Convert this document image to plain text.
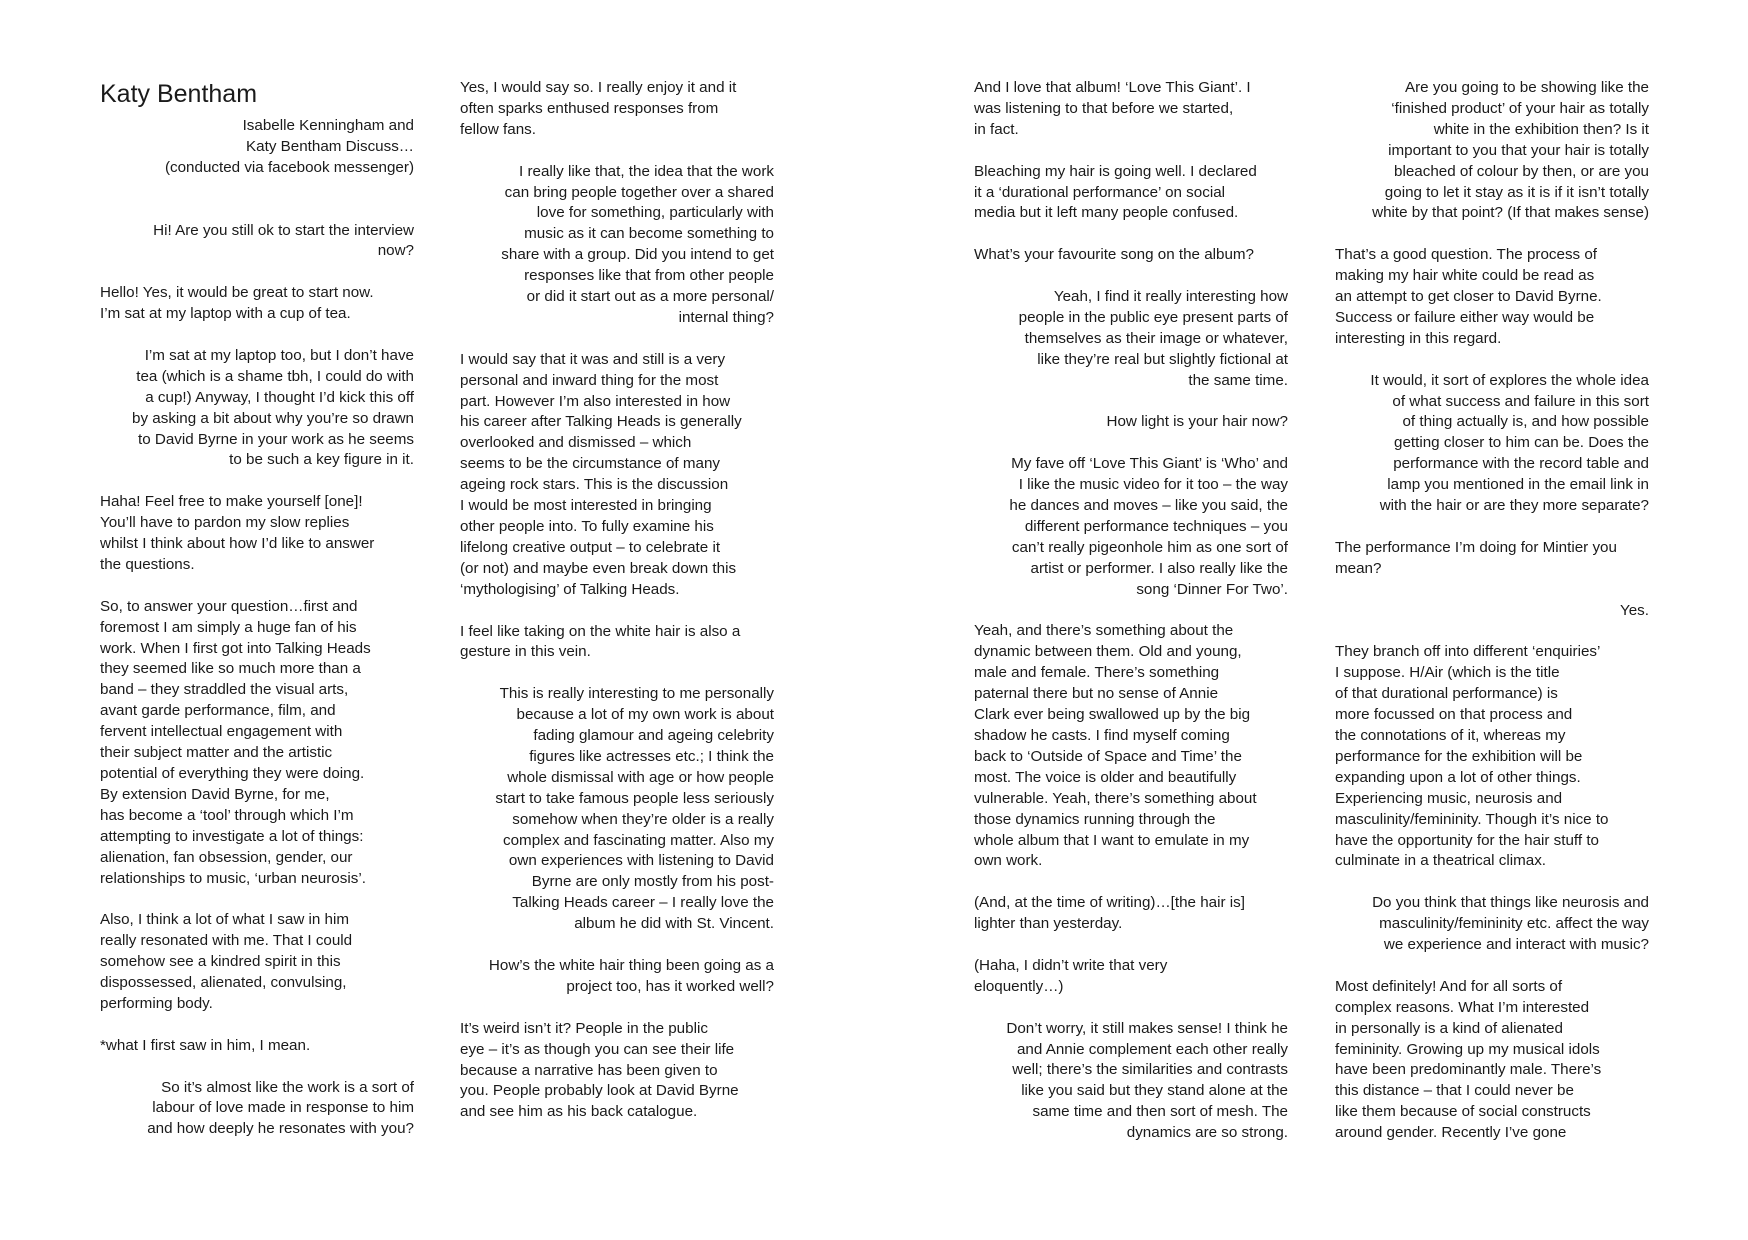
Katy Bentham

Isabelle Kenningham and
Katy Bentham Discuss…
(conducted via facebook messenger)

Hi! Are you still ok to start the interview
now?

Hello! Yes, it would be great to start now.
I’m sat at my laptop with a cup of tea.

I’m sat at my laptop too, but I don’t have
tea (which is a shame tbh, I could do with
a cup!) Anyway, I thought I’d kick this off
by asking a bit about why you’re so drawn
to David Byrne in your work as he seems
to be such a key figure in it.

Haha! Feel free to make yourself [one]!
You’ll have to pardon my slow replies
whilst I think about how I’d like to answer
the questions.

So, to answer your question…first and
foremost I am simply a huge fan of his
work. When I first got into Talking Heads
they seemed like so much more than a
band – they straddled the visual arts,
avant garde performance, film, and
fervent intellectual engagement with
their subject matter and the artistic
potential of everything they were doing.
By extension David Byrne, for me,
has become a ‘tool’ through which I’m
attempting to investigate a lot of things:
alienation, fan obsession, gender, our
relationships to music, ‘urban neurosis’.

Also, I think a lot of what I saw in him
really resonated with me. That I could
somehow see a kindred spirit in this
dispossessed, alienated, convulsing,
performing body.

*what I first saw in him, I mean.

So it’s almost like the work is a sort of
labour of love made in response to him
and how deeply he resonates with you?

Yes, I would say so. I really enjoy it and it
often sparks enthused responses from
fellow fans.

I really like that, the idea that the work
can bring people together over a shared
love for something, particularly with
music as it can become something to
share with a group. Did you intend to get
responses like that from other people
or did it start out as a more personal/
internal thing?

I would say that it was and still is a very
personal and inward thing for the most
part. However I’m also interested in how
his career after Talking Heads is generally
overlooked and dismissed – which
seems to be the circumstance of many
ageing rock stars. This is the discussion
I would be most interested in bringing
other people into. To fully examine his
lifelong creative output – to celebrate it
(or not) and maybe even break down this
‘mythologising’ of Talking Heads.

I feel like taking on the white hair is also a
gesture in this vein.

This is really interesting to me personally
because a lot of my own work is about
fading glamour and ageing celebrity
figures like actresses etc.; I think the
whole dismissal with age or how people
start to take famous people less seriously
somehow when they’re older is a really
complex and fascinating matter. Also my
own experiences with listening to David
Byrne are only mostly from his post-
Talking Heads career – I really love the
album he did with St. Vincent.

How’s the white hair thing been going as a
project too, has it worked well?

It’s weird isn’t it? People in the public
eye – it’s as though you can see their life
because a narrative has been given to
you. People probably look at David Byrne
and see him as his back catalogue.

And I love that album! ‘Love This Giant’. I
was listening to that before we started,
in fact.

Bleaching my hair is going well. I declared
it a ‘durational performance’ on social
media but it left many people confused.

What’s your favourite song on the album?

Yeah, I find it really interesting how
people in the public eye present parts of
themselves as their image or whatever,
like they’re real but slightly fictional at
the same time.

How light is your hair now?

My fave off ‘Love This Giant’ is ‘Who’ and
I like the music video for it too – the way
he dances and moves – like you said, the
different performance techniques – you
can’t really pigeonhole him as one sort of
artist or performer. I also really like the
song ‘Dinner For Two’.

Yeah, and there’s something about the
dynamic between them. Old and young,
male and female. There’s something
paternal there but no sense of Annie
Clark ever being swallowed up by the big
shadow he casts. I find myself coming
back to ‘Outside of Space and Time’ the
most. The voice is older and beautifully
vulnerable. Yeah, there’s something about
those dynamics running through the
whole album that I want to emulate in my
own work.

(And, at the time of writing)…[the hair is]
lighter than yesterday.

(Haha, I didn’t write that very
eloquently…)

Don’t worry, it still makes sense! I think he
and Annie complement each other really
well; there’s the similarities and contrasts
like you said but they stand alone at the
same time and then sort of mesh. The
dynamics are so strong.

Are you going to be showing like the
‘finished product’ of your hair as totally
white in the exhibition then? Is it
important to you that your hair is totally
bleached of colour by then, or are you
going to let it stay as it is if it isn’t totally
white by that point? (If that makes sense)

That’s a good question. The process of
making my hair white could be read as
an attempt to get closer to David Byrne.
Success or failure either way would be
interesting in this regard.

It would, it sort of explores the whole idea
of what success and failure in this sort
of thing actually is, and how possible
getting closer to him can be. Does the
performance with the record table and
lamp you mentioned in the email link in
with the hair or are they more separate?

The performance I’m doing for Mintier you
mean?

Yes.

They branch off into different ‘enquiries’
I suppose. H/Air (which is the title
of that durational performance) is
more focussed on that process and
the connotations of it, whereas my
performance for the exhibition will be
expanding upon a lot of other things.
Experiencing music, neurosis and
masculinity/femininity. Though it’s nice to
have the opportunity for the hair stuff to
culminate in a theatrical climax.

Do you think that things like neurosis and
masculinity/femininity etc. affect the way
we experience and interact with music?

Most definitely! And for all sorts of
complex reasons. What I’m interested
in personally is a kind of alienated
femininity. Growing up my musical idols
have been predominantly male. There’s
this distance – that I could never be
like them because of social constructs
around gender. Recently I’ve gone
